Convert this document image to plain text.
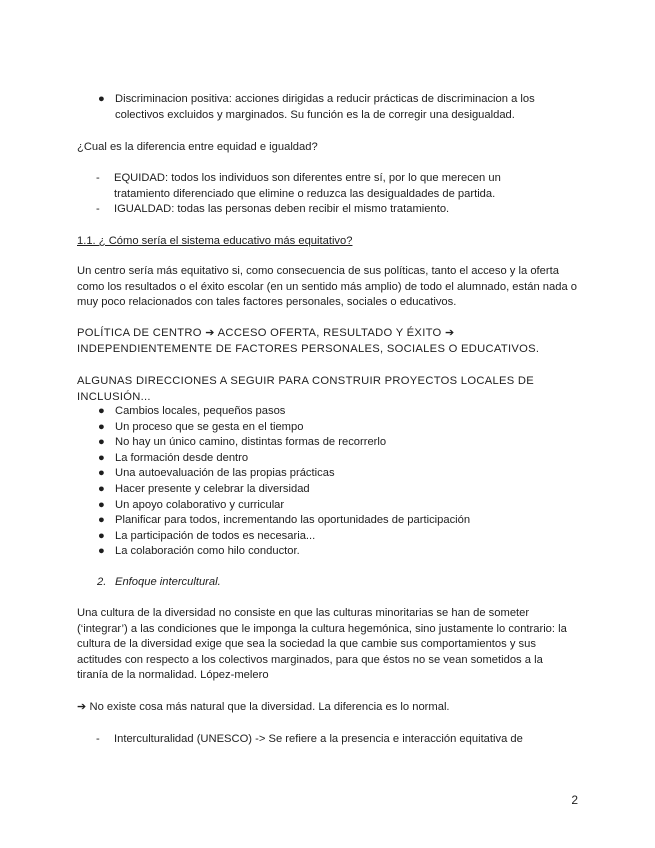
● Discriminacion positiva: acciones dirigidas a reducir prácticas de discriminacion a los colectivos excluidos y marginados. Su función es la de corregir una desigualdad.
¿Cual es la diferencia entre equidad e igualdad?
- EQUIDAD: todos los individuos son diferentes entre sí, por lo que merecen un tratamiento diferenciado que elimine o reduzca las desigualdades de partida.
- IGUALDAD: todas las personas deben recibir el mismo tratamiento.
1.1. ¿ Cómo sería el sistema educativo más equitativo?
Un centro sería más equitativo si, como consecuencia de sus políticas, tanto el acceso y la oferta como los resultados o el éxito escolar (en un sentido más amplio) de todo el alumnado, están nada o muy poco relacionados con tales factores personales, sociales o educativos.
POLÍTICA DE CENTRO ➔ ACCESO OFERTA, RESULTADO Y ÉXITO ➔
INDEPENDIENTEMENTE DE FACTORES PERSONALES, SOCIALES O EDUCATIVOS.
ALGUNAS DIRECCIONES A SEGUIR PARA CONSTRUIR PROYECTOS LOCALES DE INCLUSIÓN...
● Cambios locales, pequeños pasos
● Un proceso que se gesta en el tiempo
● No hay un único camino, distintas formas de recorrerlo
● La formación desde dentro
● Una autoevaluación de las propias prácticas
● Hacer presente y celebrar la diversidad
● Un apoyo colaborativo y curricular
● Planificar para todos, incrementando las oportunidades de participación
● La participación de todos es necesaria...
● La colaboración como hilo conductor.
2. Enfoque intercultural.
Una cultura de la diversidad no consiste en que las culturas minoritarias se han de someter (‘integrar’) a las condiciones que le imponga la cultura hegemónica, sino justamente lo contrario: la cultura de la diversidad exige que sea la sociedad la que cambie sus comportamientos y sus actitudes con respecto a los colectivos marginados, para que éstos no se vean sometidos a la tiranía de la normalidad. López-melero
➔ No existe cosa más natural que la diversidad. La diferencia es lo normal.
- Interculturalidad (UNESCO) -> Se refiere a la presencia e interacción equitativa de
2
